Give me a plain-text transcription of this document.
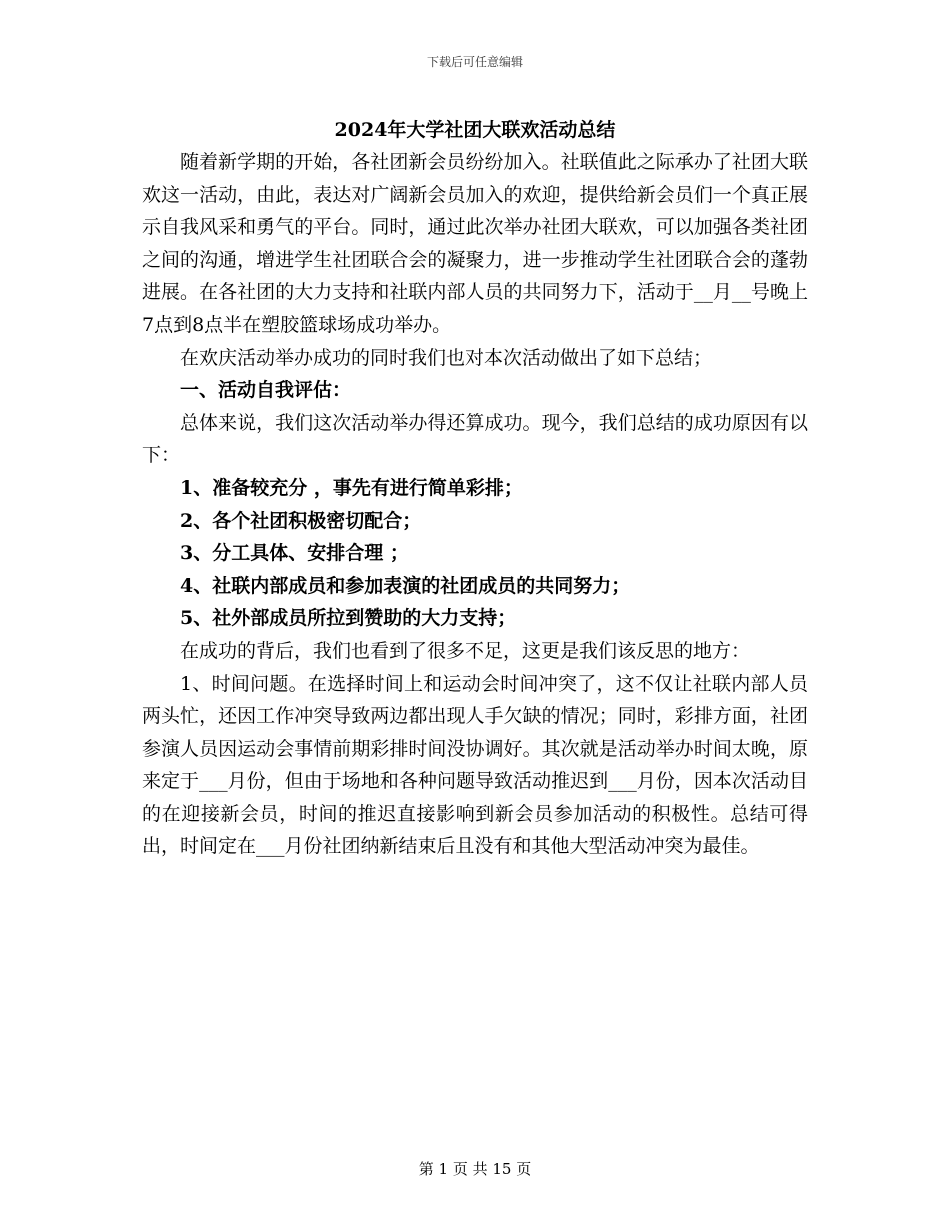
下载后可任意编辑
2024年大学社团大联欢活动总结

随着新学期的开始，各社团新会员纷纷加入。社联值此之际承办了社团大联欢这一活动，由此，表达对广阔新会员加入的欢迎，提供给新会员们一个真正展示自我风采和勇气的平台。同时，通过此次举办社团大联欢，可以加强各类社团之间的沟通，增进学生社团联合会的凝聚力，进一步推动学生社团联合会的蓬勃进展。在各社团的大力支持和社联内部人员的共同努力下，活动于__月__号晚上7点到8点半在塑胶篮球场成功举办。

在欢庆活动举办成功的同时我们也对本次活动做出了如下总结；

一、活动自我评估：

总体来说，我们这次活动举办得还算成功。现今，我们总结的成功原因有以下：

1、准备较充分 ，事先有进行简单彩排；

2、各个社团积极密切配合；

3、分工具体、安排合理 ；

4、社联内部成员和参加表演的社团成员的共同努力；

5、社外部成员所拉到赞助的大力支持；

在成功的背后，我们也看到了很多不足，这更是我们该反思的地方：

1、时间问题。在选择时间上和运动会时间冲突了，这不仅让社联内部人员两头忙，还因工作冲突导致两边都出现人手欠缺的情况；同时，彩排方面，社团参演人员因运动会事情前期彩排时间没协调好。其次就是活动举办时间太晚，原来定于___月份，但由于场地和各种问题导致活动推迟到___月份，因本次活动目的在迎接新会员，时间的推迟直接影响到新会员参加活动的积极性。总结可得出，时间定在___月份社团纳新结束后且没有和其他大型活动冲突为最佳。

第 1 页 共 15 页
